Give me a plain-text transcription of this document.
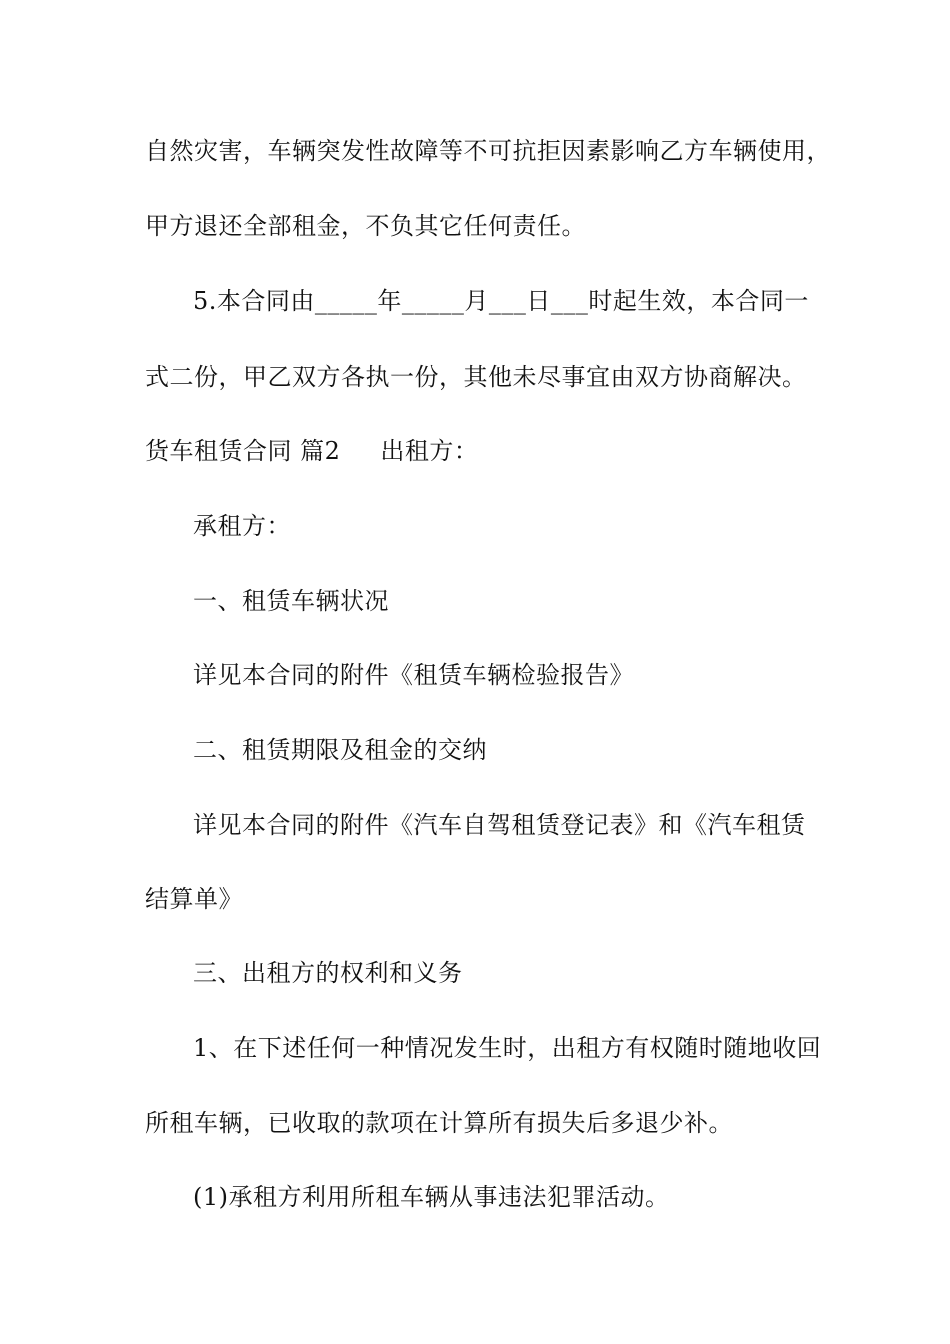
自然灾害，车辆突发性故障等不可抗拒因素影响乙方车辆使用，
甲方退还全部租金，不负其它任何责任。
5.本合同由_____年_____月___日___时起生效，本合同一
式二份，甲乙双方各执一份，其他未尽事宜由双方协商解决。
货车租赁合同 篇2 出租方：
承租方：
一、租赁车辆状况
详见本合同的附件《租赁车辆检验报告》
二、租赁期限及租金的交纳
详见本合同的附件《汽车自驾租赁登记表》和《汽车租赁
结算单》
三、出租方的权利和义务
1、在下述任何一种情况发生时，出租方有权随时随地收回
所租车辆，已收取的款项在计算所有损失后多退少补。
(1)承租方利用所租车辆从事违法犯罪活动。
